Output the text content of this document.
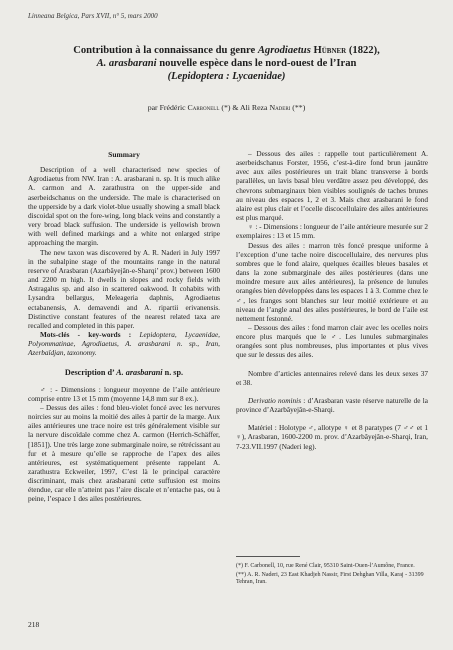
Linneana Belgica, Pars XVII, n° 5, mars 2000
Contribution à la connaissance du genre Agrodiaetus Hübner (1822),
A. arasbarani nouvelle espèce dans le nord-ouest de l’Iran
(Lepidoptera : Lycaenidae)
par Frédéric Carbonell (*) & Ali Reza Naderi (**)
Summary

Description of a well characterised new species of Agrodiaetus from NW. Iran : A. arasbarani n. sp. It is much alike A. carmon and A. zarathustra on the upper-side and aserbeidschanus on the underside. The male is characterised on the upperside by a dark violet-blue usually showing a small black discoidal spot on the fore-wing, long black veins and constantly a very broad black suffusion. The underside is yellowish brown with well defined markings and a white not enlarged stripe approaching the margin.

The new taxon was discovered by A. R. Naderi in July 1997 in the subalpine stage of the mountains range in the natural reserve of Arasbaran (Azarbâyejân-e-Sharqi’ prov.) between 1600 and 2200 m high. It dwells in slopes and rocky fields with Astragalus sp. and also in scattered oakwood. It cohabits with Lysandra bellargus, Meleageria daphnis, Agrodiaetus ectabanensis, A. demavendi and A. ripartii erivanensis. Distinctive constant features of the nearest related taxa are recalled and completed in this paper.

Mots-clés - key-words : Lepidoptera, Lycaenidae, Polyommatinae, Agrodiaetus, A. arasbarani n. sp., Iran, Azerbaïdjan, taxonomy.

Description d’ A. arasbarani n. sp.

♂ : - Dimensions : longueur moyenne de l’aile antérieure comprise entre 13 et 15 mm (moyenne 14,8 mm sur 8 ex.).

– Dessus des ailes : fond bleu-violet foncé avec les nervures noircies sur au moins la moitié des ailes à partir de la marge. Aux ailes antérieures une trace noire est très généralement visible sur la nervure discoïdale comme chez A. carmon (Herrich-Schäffer, [1851]). Une très large zone submarginale noire, se rétrécissant au fur et à mesure qu’elle se rapproche de l’apex des ailes antérieures, est systématiquement présente rappelant A. zarathustra Eckweiler, 1997, C’est là le principal caractère discriminant, mais chez arasbarani cette suffusion est moins étendue, car elle n’atteint pas l’aire discale et n’entache pas, ou à peine, l’espace 1 des ailes postérieures.

– Dessous des ailes : rappelle tout particulièrement A. aserbeidschanus Forster, 1956, c’est-à-dire fond brun jaunâtre avec aux ailes postérieures un trait blanc transverse à bords parallèles, un lavis basal bleu verdâtre assez peu développé, des chevrons submarginaux bien visibles soulignés de taches brunes au niveau des espaces 1, 2 et 3. Mais chez arasbarani le fond alaire est plus clair et l’ocelle discocellulaire des ailes antérieures est plus marqué.

♀ : - Dimensions : longueur de l’aile antérieure mesurée sur 2 exemplaires : 13 et 15 mm.

Dessus des ailes : marron très foncé presque uniforme à l’exception d’une tache noire discocellulaire, des nervures plus sombres que le fond alaire, quelques écailles bleues basales et dans la zone submarginale des ailes postérieures (dans une moindre mesure aux ailes antérieures), la présence de lunules orangées bien développées dans les espaces 1 à 3. Comme chez le ♂, les franges sont blanches sur leur moitié extérieure et au niveau de l’angle anal des ailes postérieures, le bord de l’aile est nettement festonné.

– Dessous des ailes : fond marron clair avec les ocelles noirs encore plus marqués que le ♂. Les lunules submarginales orangées sont plus nombreuses, plus importantes et plus vives que sur le dessus des ailes.

Nombre d’articles antennaires relevé dans les deux sexes 37 et 38.

Derivatio nominis : d’Arasbaran vaste réserve naturelle de la province d’Azarbâyejân-e-Sharqi.

Matériel : Holotype ♂, allotype ♀ et 8 paratypes (7 ♂♂ et 1 ♀), Arasbaran, 1600-2200 m. prov. d’Azarbâyejân-e-Sharqi, Iran, 7-23.VII.1997 (Naderi leg).

(*) F. Carbonell, 10, rue René Clair, 95310 Saint-Ouen-l’Aumône, France.
(**) A. R. Naderi, 23 East Khadjeh Nassir, First Dehghan Villa, Karaj - 31399 Tehran, Iran.
218
